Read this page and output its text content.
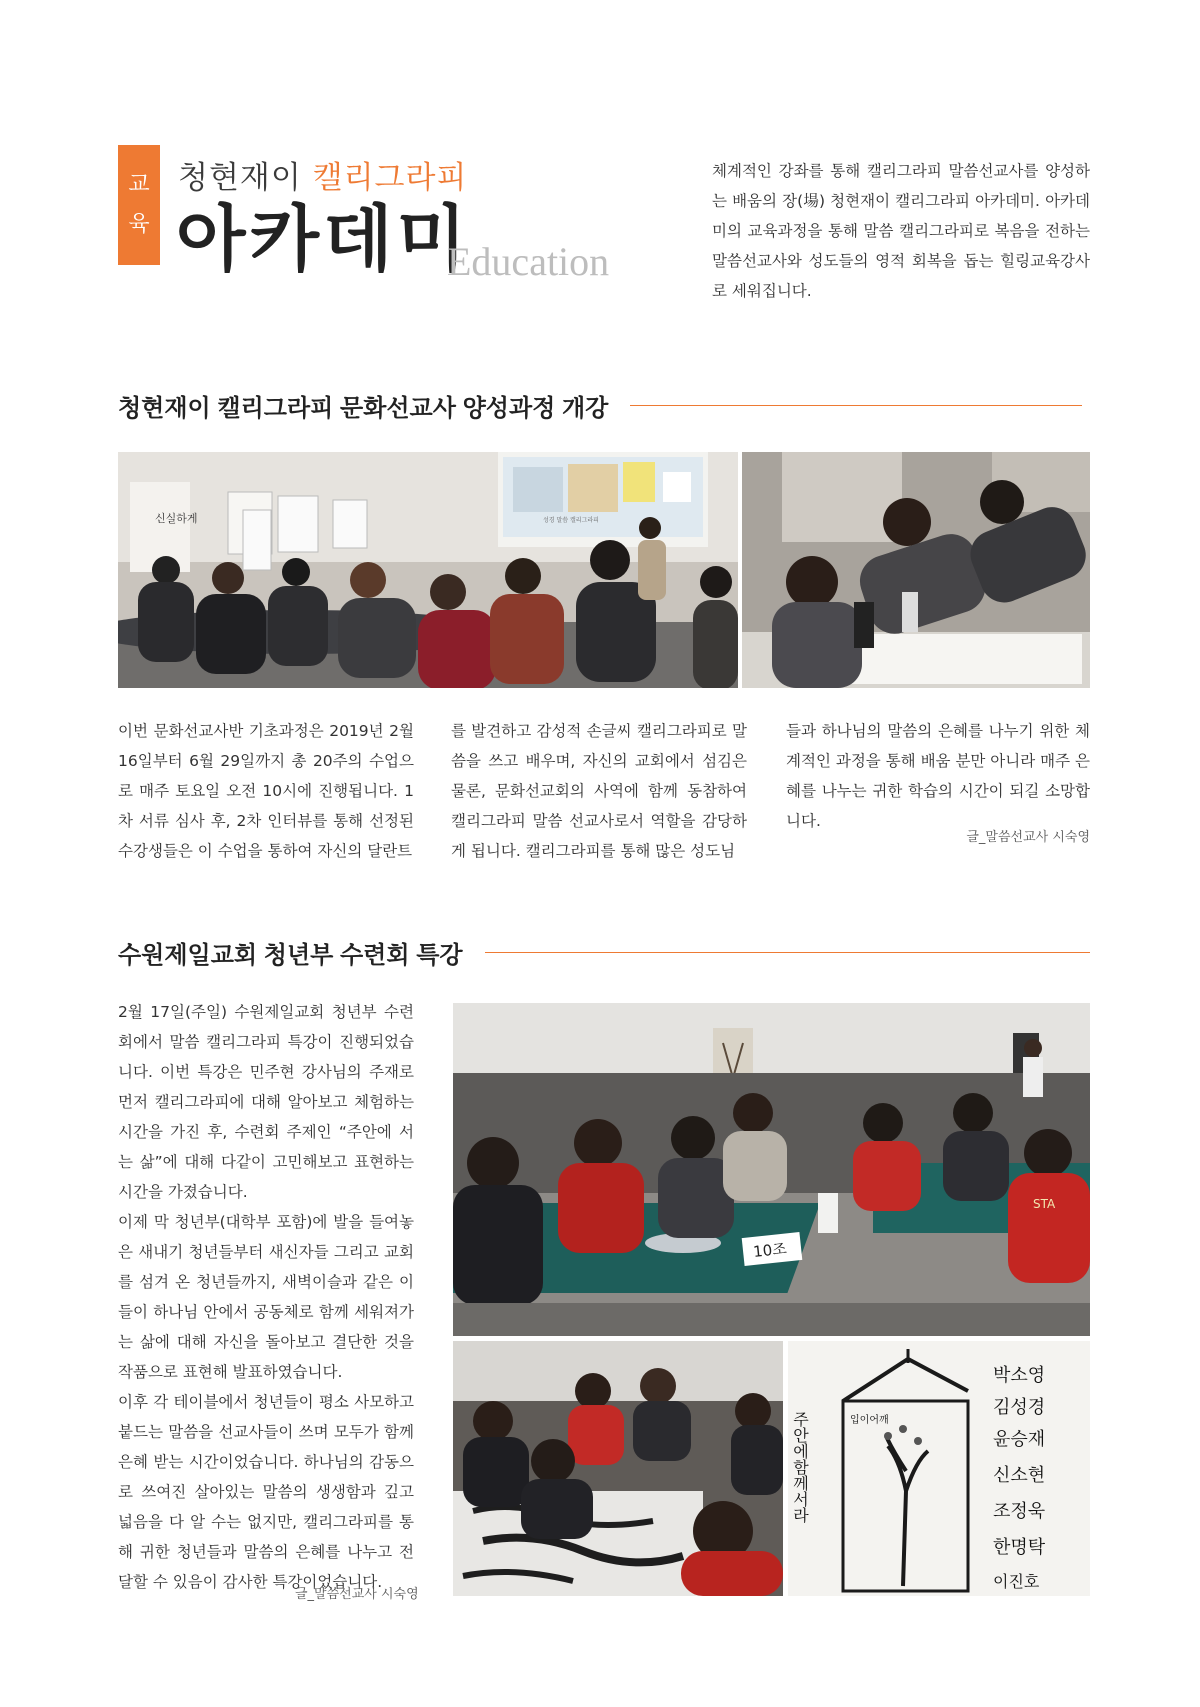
교
육
청현재이 캘리그라피
아카데미
Education

체계적인 강좌를 통해 캘리그라피 말씀선교사를 양성하는 배움의 장(場) 청현재이 캘리그라피 아카데미. 아카데미의 교육과정을 통해 말씀 캘리그라피로 복음을 전하는 말씀선교사와 성도들의 영적 회복을 돕는 힐링교육강사로 세워집니다.

청현재이 캘리그라피 문화선교사 양성과정 개강
성경 말씀 캘리그라피
신실하게

이번 문화선교사반 기초과정은 2019년 2월 16일부터 6월 29일까지 총 20주의 수업으로 매주 토요일 오전 10시에 진행됩니다. 1차 서류 심사 후, 2차 인터뷰를 통해 선정된 수강생들은 이 수업을 통하여 자신의 달란트

를 발견하고 감성적 손글씨 캘리그라피로 말씀을 쓰고 배우며, 자신의 교회에서 섬김은 물론, 문화선교회의 사역에 함께 동참하여 캘리그라피 말씀 선교사로서 역할을 감당하게 됩니다. 캘리그라피를 통해 많은 성도님

들과 하나님의 말씀의 은혜를 나누기 위한 체계적인 과정을 통해 배움 분만 아니라 매주 은혜를 나누는 귀한 학습의 시간이 되길 소망합니다.

글_말씀선교사 시숙영
수원제일교회 청년부 수련회 특강

2월 17일(주일) 수원제일교회 청년부 수련회에서 말씀 캘리그라피 특강이 진행되었습니다. 이번 특강은 민주현 강사님의 주재로 먼저 캘리그라피에 대해 알아보고 체험하는 시간을 가진 후, 수련회 주제인 “주안에 서는 삶”에 대해 다같이 고민해보고 표현하는 시간을 가졌습니다.

이제 막 청년부(대학부 포함)에 발을 들여놓은 새내기 청년들부터 새신자들 그리고 교회를 섬겨 온 청년들까지, 새벽이슬과 같은 이들이 하나님 안에서 공동체로 함께 세워져가는 삶에 대해 자신을 돌아보고 결단한 것을 작품으로 표현해 발표하였습니다.

이후 각 테이블에서 청년들이 평소 사모하고 붙드는 말씀을 선교사들이 쓰며 모두가 함께 은혜 받는 시간이었습니다. 하나님의 감동으로 쓰여진 살아있는 말씀의 생생함과 깊고 넓음을 다 알 수는 없지만, 캘리그라피를 통해 귀한 청년들과 말씀의 은혜를 나누고 전달할 수 있음이 감사한 특강이었습니다.

글_말씀선교사 시숙영
10조
STA
주안에함께서라	입이어깨
박소영
김성경
윤승재
신소현
조정욱
한명탁
이진호
